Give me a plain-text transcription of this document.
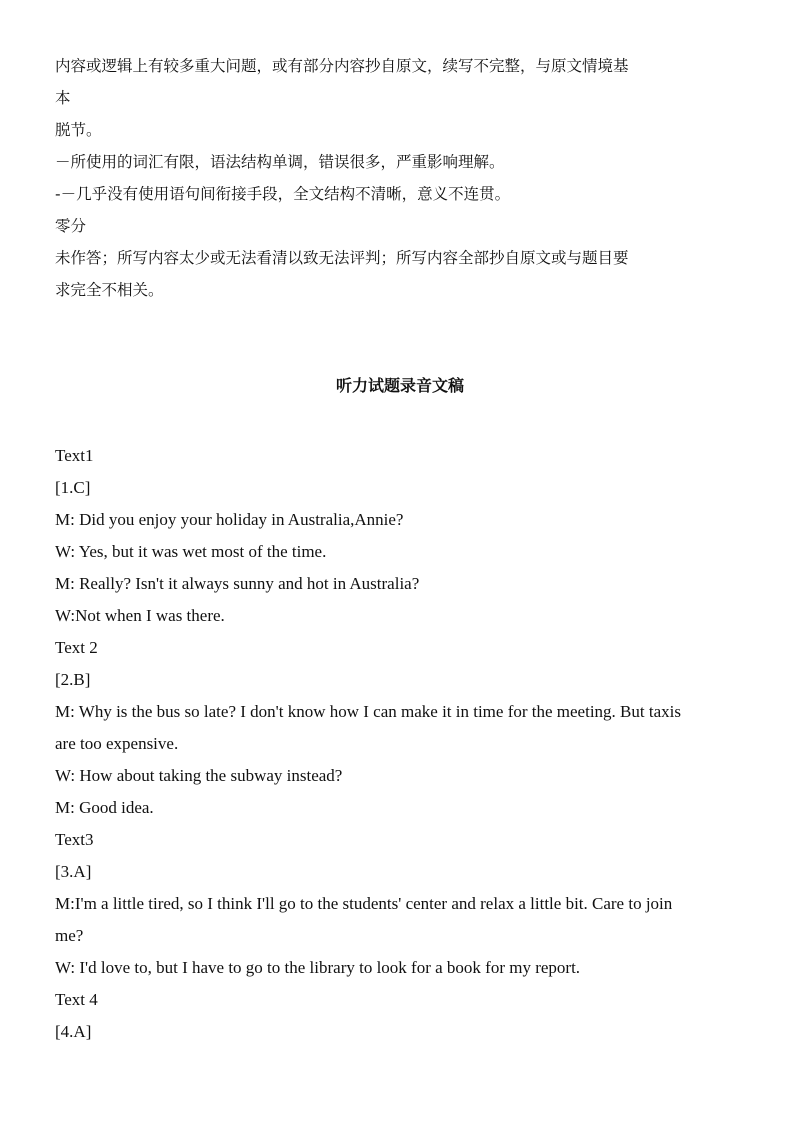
内容或逻辑上有较多重大问题，或有部分内容抄自原文，续写不完整，与原文情境基
本
脱节。
－所使用的词汇有限，语法结构单调，错误很多，严重影响理解。
-－几乎没有使用语句间衔接手段，全文结构不清晰，意义不连贯。
零分
未作答；所写内容太少或无法看清以致无法评判；所写内容全部抄自原文或与题目要
求完全不相关。
听力试题录音文稿
Text1
[1.C]
M: Did you enjoy your holiday in Australia,Annie?
W: Yes, but it was wet most of the time.
M: Really? Isn't it always sunny and hot in Australia?
W:Not when I was there.
Text 2
[2.B]
M: Why is the bus so late? I don't know how I can make it in time for the meeting. But taxis
are too expensive.
W: How about taking the subway instead?
M: Good idea.
Text3
[3.A]
M:I'm a little tired, so I think I'll go to the students' center and relax a little bit. Care to join
me?
W: I'd love to, but I have to go to the library to look for a book for my report.
Text 4
[4.A]
